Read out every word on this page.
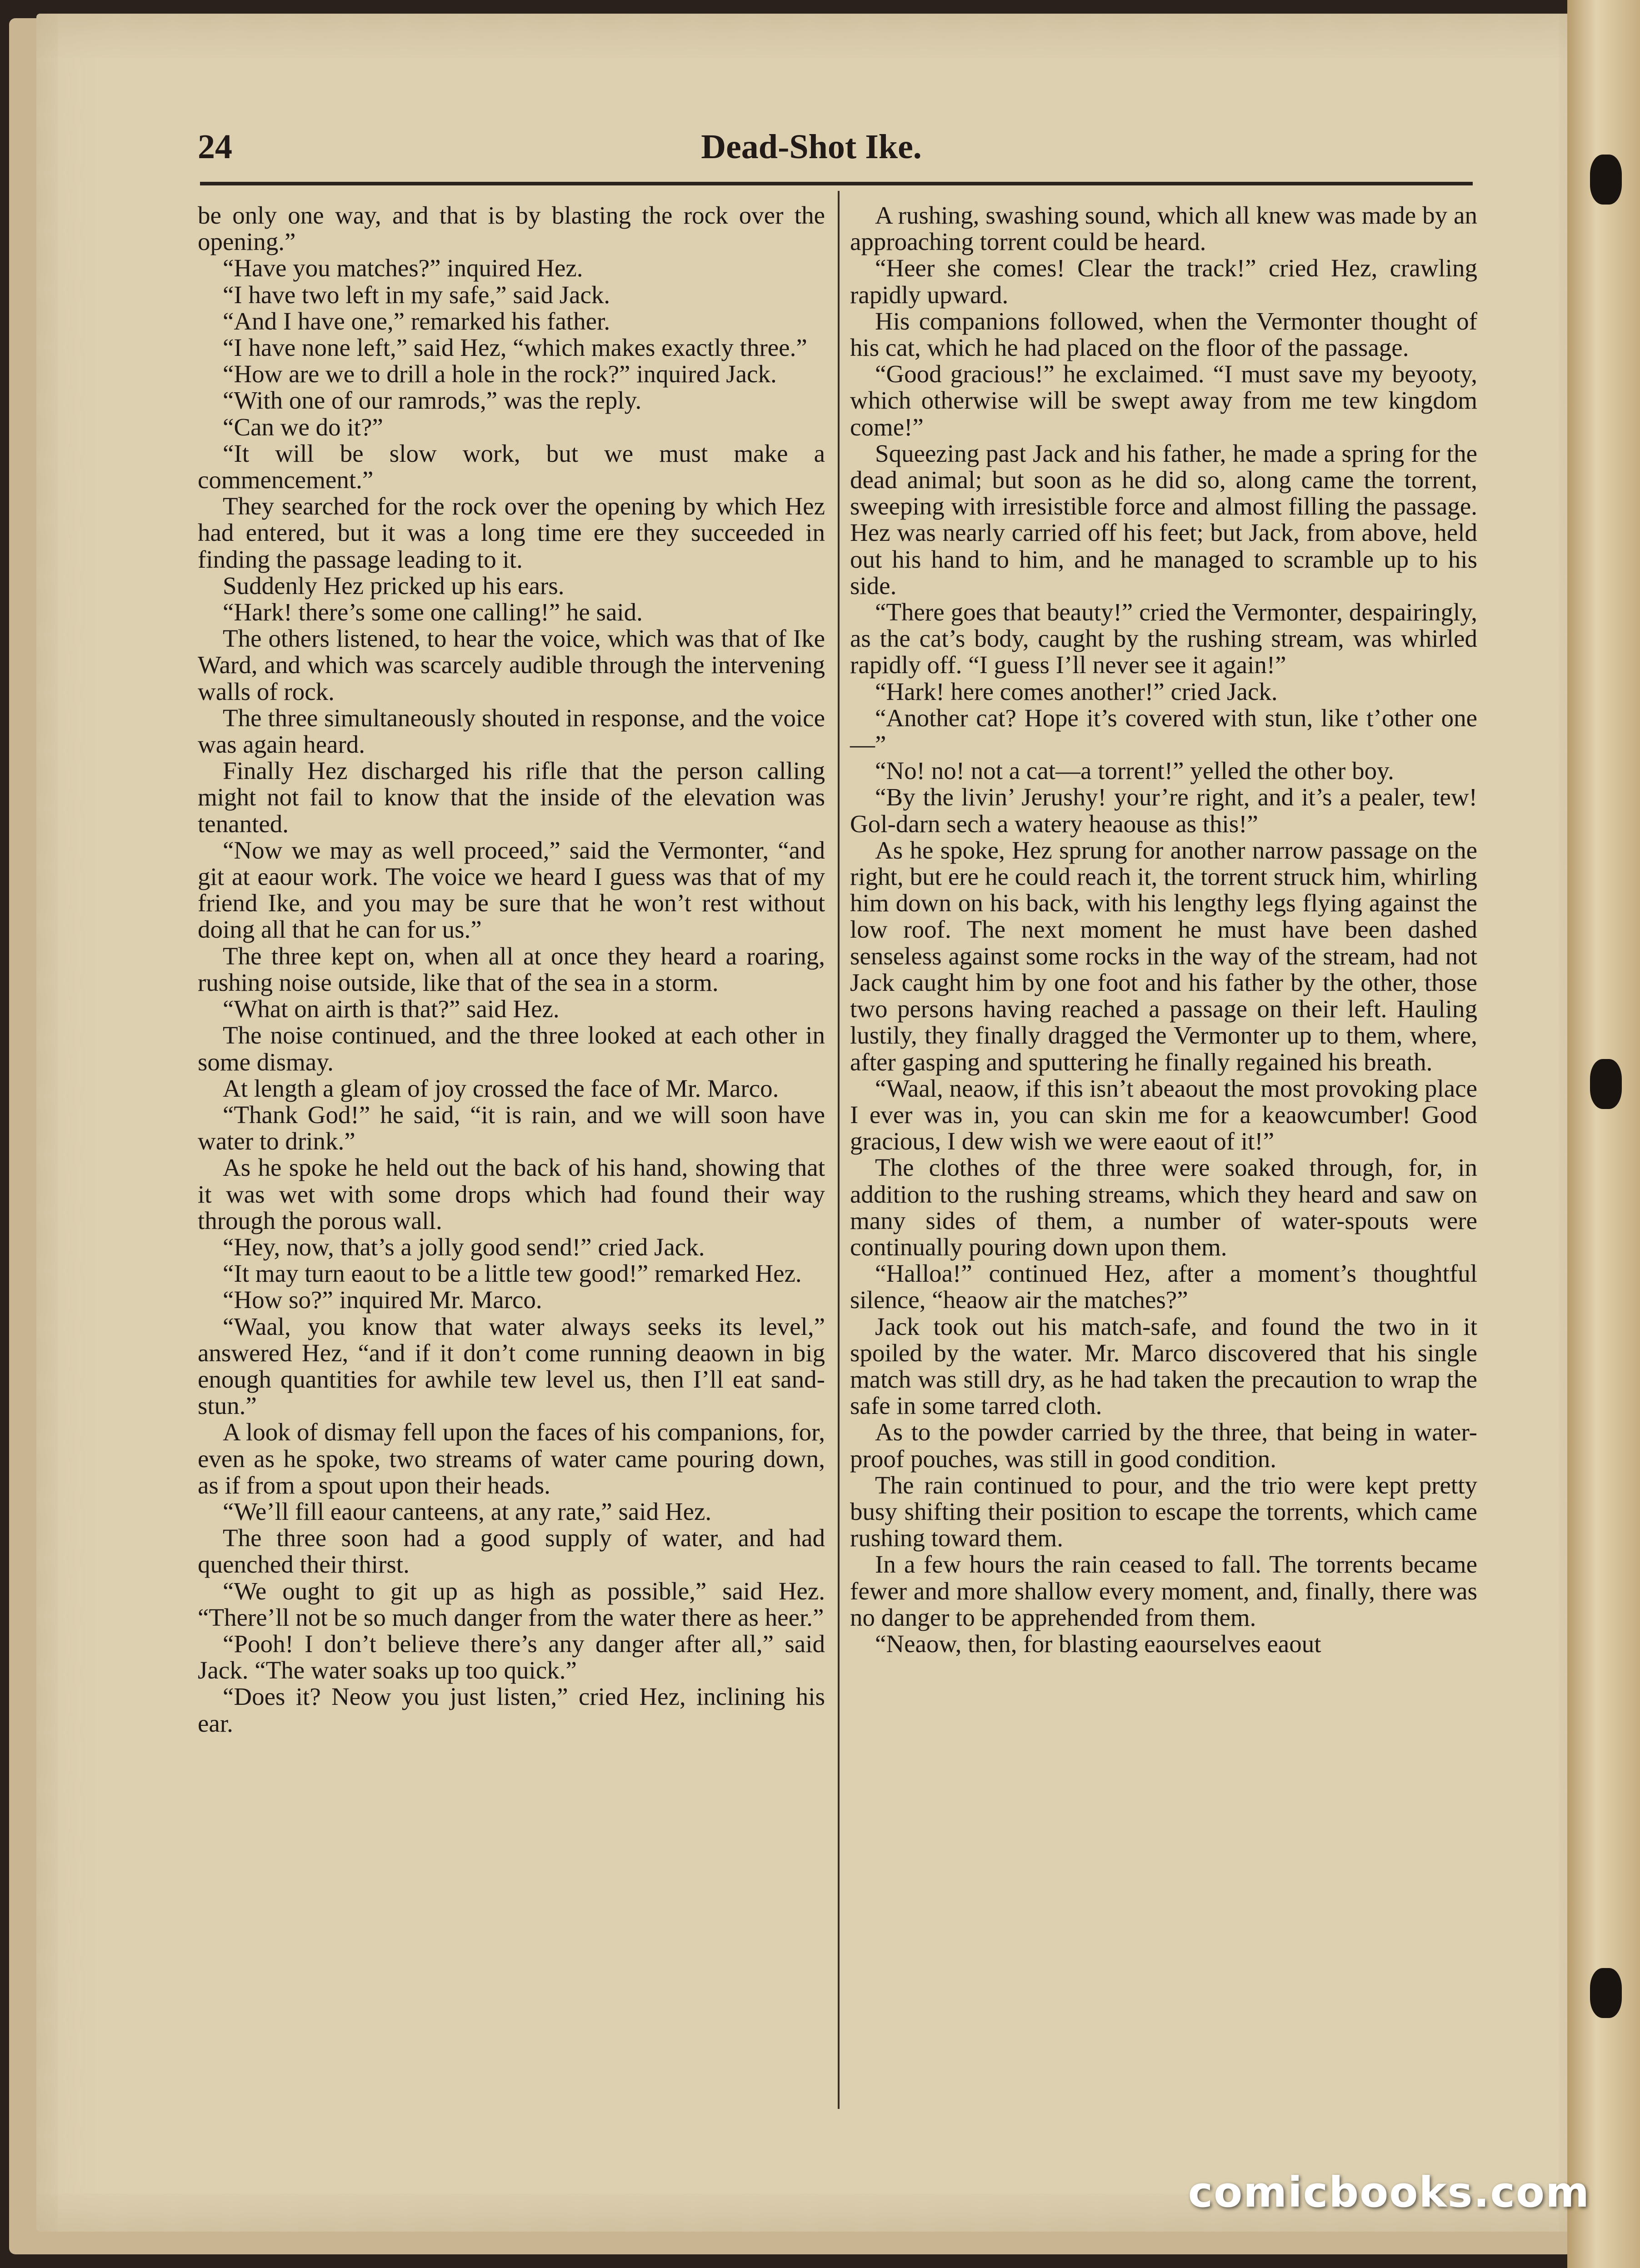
24	Dead-Shot Ike.

be only one way, and that is by blasting the rock over the opening.”

“Have you matches?” inquired Hez.

“I have two left in my safe,” said Jack.

“And I have one,” remarked his father.

“I have none left,” said Hez, “which makes exactly three.”

“How are we to drill a hole in the rock?” inquired Jack.

“With one of our ramrods,” was the reply.

“Can we do it?”

“It will be slow work, but we must make a commencement.”

They searched for the rock over the opening by which Hez had entered, but it was a long time ere they succeeded in finding the passage leading to it.

Suddenly Hez pricked up his ears.

“Hark! there’s some one calling!” he said.

The others listened, to hear the voice, which was that of Ike Ward, and which was scarcely audible through the intervening walls of rock.

The three simultaneously shouted in response, and the voice was again heard.

Finally Hez discharged his rifle that the person calling might not fail to know that the inside of the elevation was tenanted.

“Now we may as well proceed,” said the Vermonter, “and git at eaour work. The voice we heard I guess was that of my friend Ike, and you may be sure that he won’t rest without doing all that he can for us.”

The three kept on, when all at once they heard a roaring, rushing noise outside, like that of the sea in a storm.

“What on airth is that?” said Hez.

The noise continued, and the three looked at each other in some dismay.

At length a gleam of joy crossed the face of Mr. Marco.

“Thank God!” he said, “it is rain, and we will soon have water to drink.”

As he spoke he held out the back of his hand, showing that it was wet with some drops which had found their way through the porous wall.

“Hey, now, that’s a jolly good send!” cried Jack.

“It may turn eaout to be a little tew good!” remarked Hez.

“How so?” inquired Mr. Marco.

“Waal, you know that water always seeks its level,” answered Hez, “and if it don’t come running deaown in big enough quantities for awhile tew level us, then I’ll eat sand-stun.”

A look of dismay fell upon the faces of his companions, for, even as he spoke, two streams of water came pouring down, as if from a spout upon their heads.

“We’ll fill eaour canteens, at any rate,” said Hez.

The three soon had a good supply of water, and had quenched their thirst.

“We ought to git up as high as possible,” said Hez. “There’ll not be so much danger from the water there as heer.”

“Pooh! I don’t believe there’s any danger after all,” said Jack. “The water soaks up too quick.”

“Does it? Neow you just listen,” cried Hez, inclining his ear.

A rushing, swashing sound, which all knew was made by an approaching torrent could be heard.

“Heer she comes! Clear the track!” cried Hez, crawling rapidly upward.

His companions followed, when the Vermonter thought of his cat, which he had placed on the floor of the passage.

“Good gracious!” he exclaimed. “I must save my beyooty, which otherwise will be swept away from me tew kingdom come!”

Squeezing past Jack and his father, he made a spring for the dead animal; but soon as he did so, along came the torrent, sweeping with irresistible force and almost filling the passage. Hez was nearly carried off his feet; but Jack, from above, held out his hand to him, and he managed to scramble up to his side.

“There goes that beauty!” cried the Vermonter, despairingly, as the cat’s body, caught by the rushing stream, was whirled rapidly off. “I guess I’ll never see it again!”

“Hark! here comes another!” cried Jack.

“Another cat? Hope it’s covered with stun, like t’other one—”

“No! no! not a cat—a torrent!” yelled the other boy.

“By the livin’ Jerushy! your’re right, and it’s a pealer, tew! Gol-darn sech a watery heaouse as this!”

As he spoke, Hez sprung for another narrow passage on the right, but ere he could reach it, the torrent struck him, whirling him down on his back, with his lengthy legs flying against the low roof. The next moment he must have been dashed senseless against some rocks in the way of the stream, had not Jack caught him by one foot and his father by the other, those two persons having reached a passage on their left. Hauling lustily, they finally dragged the Vermonter up to them, where, after gasping and sputtering he finally regained his breath.

“Waal, neaow, if this isn’t abeaout the most provoking place I ever was in, you can skin me for a keaowcumber! Good gracious, I dew wish we were eaout of it!”

The clothes of the three were soaked through, for, in addition to the rushing streams, which they heard and saw on many sides of them, a number of water-spouts were continually pouring down upon them.

“Halloa!” continued Hez, after a moment’s thoughtful silence, “heaow air the matches?”

Jack took out his match-safe, and found the two in it spoiled by the water. Mr. Marco discovered that his single match was still dry, as he had taken the precaution to wrap the safe in some tarred cloth.

As to the powder carried by the three, that being in water-proof pouches, was still in good condition.

The rain continued to pour, and the trio were kept pretty busy shifting their position to escape the torrents, which came rushing toward them.

In a few hours the rain ceased to fall. The torrents became fewer and more shallow every moment, and, finally, there was no danger to be apprehended from them.

“Neaow, then, for blasting eaourselves eaout

comicbooks.com
